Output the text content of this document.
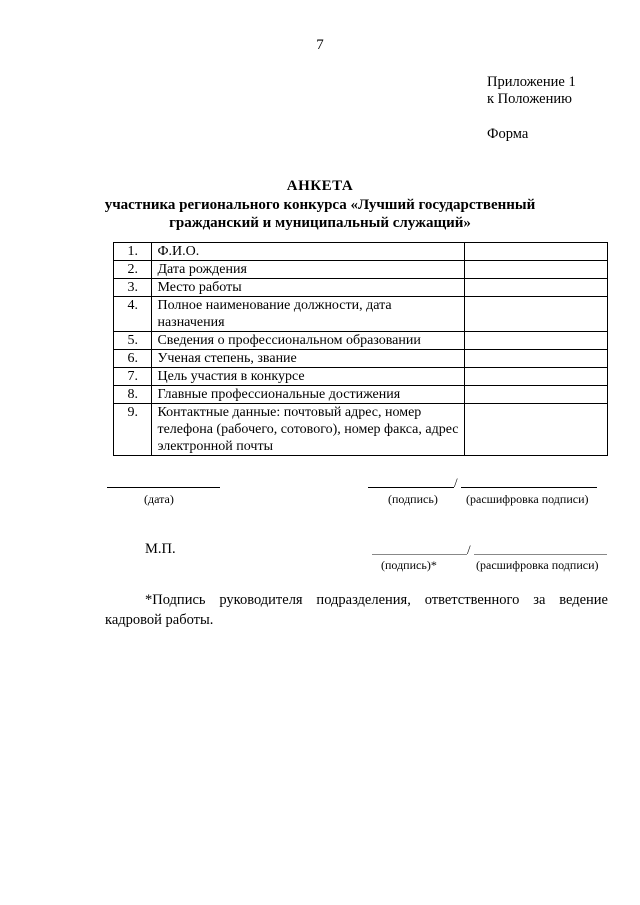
7
Приложение 1
к Положению
Форма
АНКЕТА
участника регионального конкурса «Лучший государственный
гражданский и муниципальный служащий»
1.	Ф.И.О.	
2.	Дата рождения	
3.	Место работы	
4.	Полное наименование должности, дата назначения	
5.	Сведения о профессиональном образовании	
6.	Ученая степень, звание	
7.	Цель участия в конкурсе	
8.	Главные профессиональные достижения	
9.	Контактные данные: почтовый адрес, номер телефона (рабочего, сотового), номер факса, адрес электронной почты	
(дата)
/
(подпись) (расшифровка подписи)
М.П.	/
(подпись)*	(расшифровка подписи)
*Подпись руководителя подразделения, ответственного за ведение кадровой работы.
